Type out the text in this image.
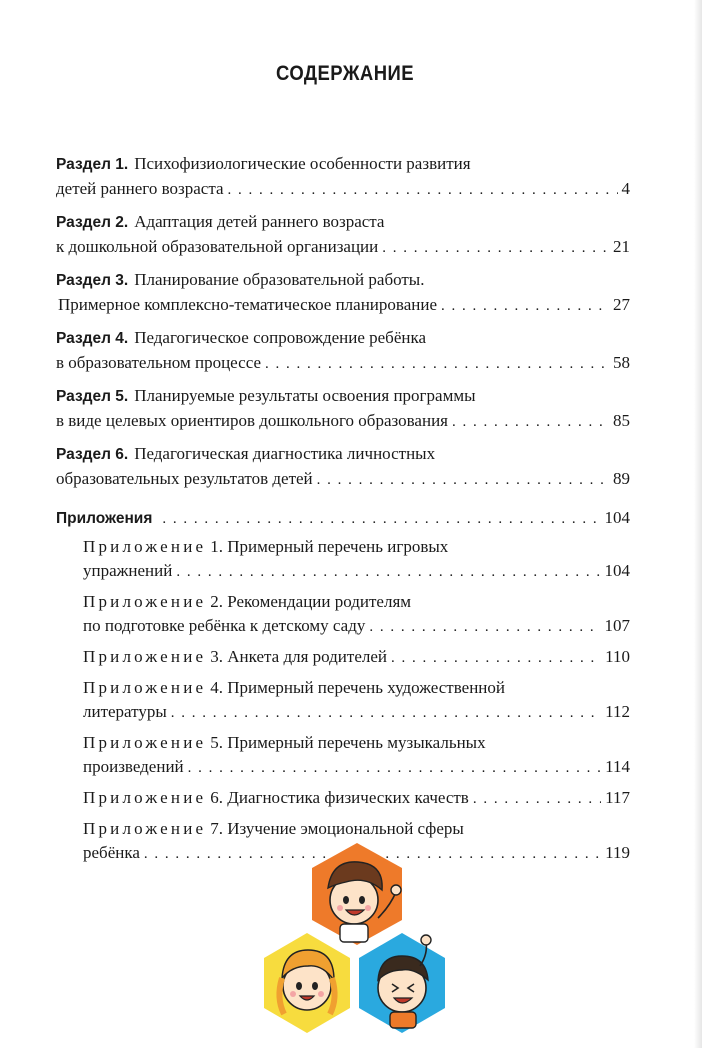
СОДЕРЖАНИЕ
Раздел 1. Психофизиологические особенности развития
детей раннего возраста . . .	4
Раздел 2. Адаптация детей раннего возраста
к дошкольной образовательной организации . . .	21
Раздел 3. Планирование образовательной работы.
Примерное комплексно-тематическое планирование . . .	27
Раздел 4. Педагогическое сопровождение ребёнка
в образовательном процессе . . .	58
Раздел 5. Планируемые результаты освоения программы
в виде целевых ориентиров дошкольного образования . . .	85
Раздел 6. Педагогическая диагностика личностных
образовательных результатов детей . . .	89
Приложения . . .	104
Приложение 1. Примерный перечень игровых
упражнений . . .	104
Приложение 2. Рекомендации родителям
по подготовке ребёнка к детскому саду . . .	107
Приложение 3. Анкета для родителей . . .	110
Приложение 4. Примерный перечень художественной
литературы . . .	112
Приложение 5. Примерный перечень музыкальных
произведений . . .	114
Приложение 6. Диагностика физических качеств . . .	117
Приложение 7. Изучение эмоциональной сферы
ребёнка . . .	119
